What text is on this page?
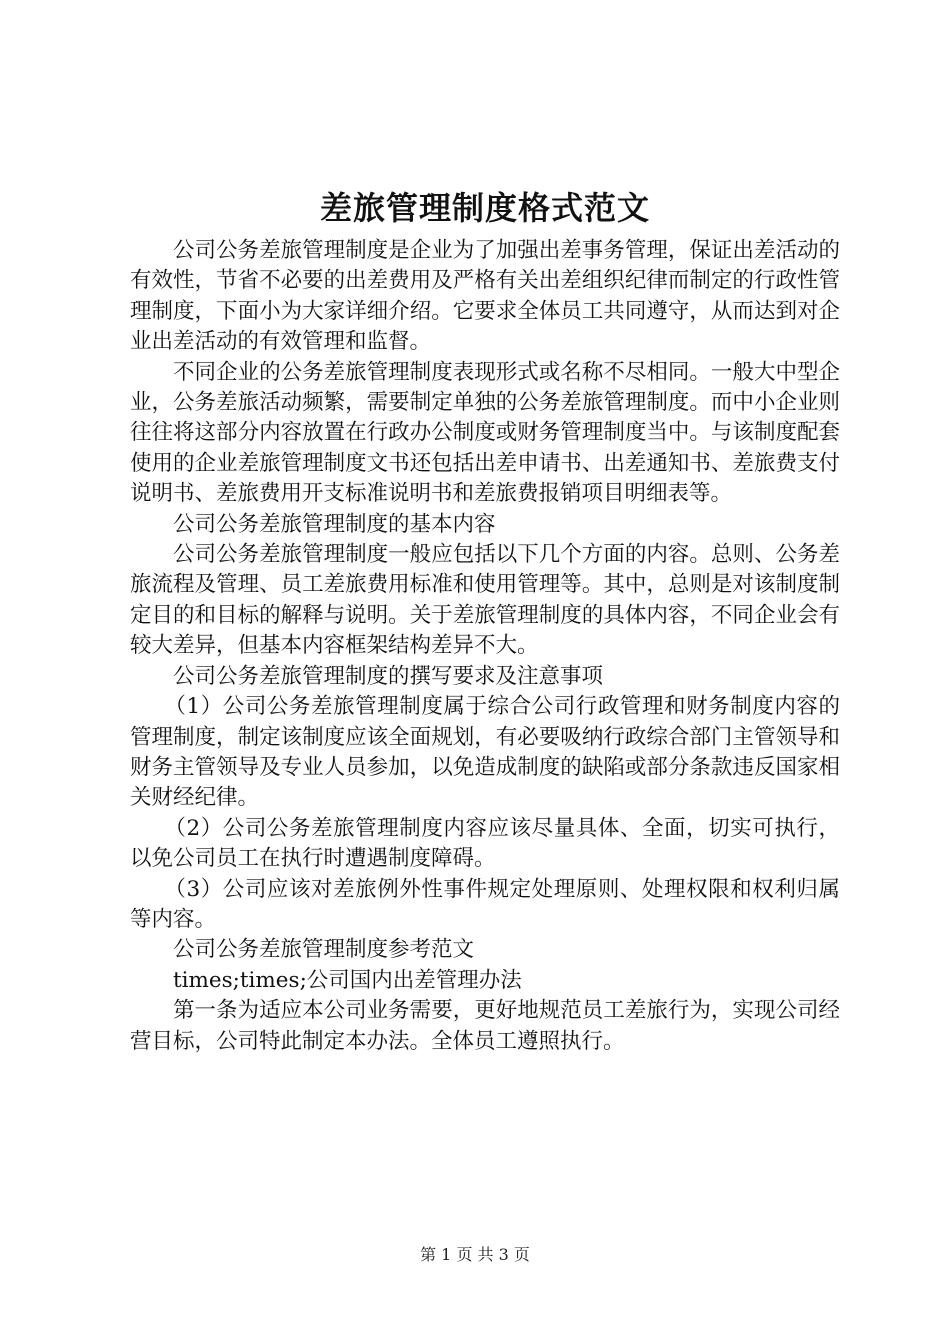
差旅管理制度格式范文

公司公务差旅管理制度是企业为了加强出差事务管理，保证出差活动的有效性，节省不必要的出差费用及严格有关出差组织纪律而制定的行政性管理制度，下面小为大家详细介绍。它要求全体员工共同遵守，从而达到对企业出差活动的有效管理和监督。

不同企业的公务差旅管理制度表现形式或名称不尽相同。一般大中型企业，公务差旅活动频繁，需要制定单独的公务差旅管理制度。而中小企业则往往将这部分内容放置在行政办公制度或财务管理制度当中。与该制度配套使用的企业差旅管理制度文书还包括出差申请书、出差通知书、差旅费支付说明书、差旅费用开支标准说明书和差旅费报销项目明细表等。

公司公务差旅管理制度的基本内容

公司公务差旅管理制度一般应包括以下几个方面的内容。总则、公务差旅流程及管理、员工差旅费用标准和使用管理等。其中，总则是对该制度制定目的和目标的解释与说明。关于差旅管理制度的具体内容，不同企业会有较大差异，但基本内容框架结构差异不大。

公司公务差旅管理制度的撰写要求及注意事项

（1）公司公务差旅管理制度属于综合公司行政管理和财务制度内容的管理制度，制定该制度应该全面规划，有必要吸纳行政综合部门主管领导和财务主管领导及专业人员参加，以免造成制度的缺陷或部分条款违反国家相关财经纪律。

（2）公司公务差旅管理制度内容应该尽量具体、全面，切实可执行，以免公司员工在执行时遭遇制度障碍。

（3）公司应该对差旅例外性事件规定处理原则、处理权限和权利归属等内容。

公司公务差旅管理制度参考范文

times;times;公司国内出差管理办法

第一条为适应本公司业务需要，更好地规范员工差旅行为，实现公司经营目标，公司特此制定本办法。全体员工遵照执行。

第 1 页 共 3 页
